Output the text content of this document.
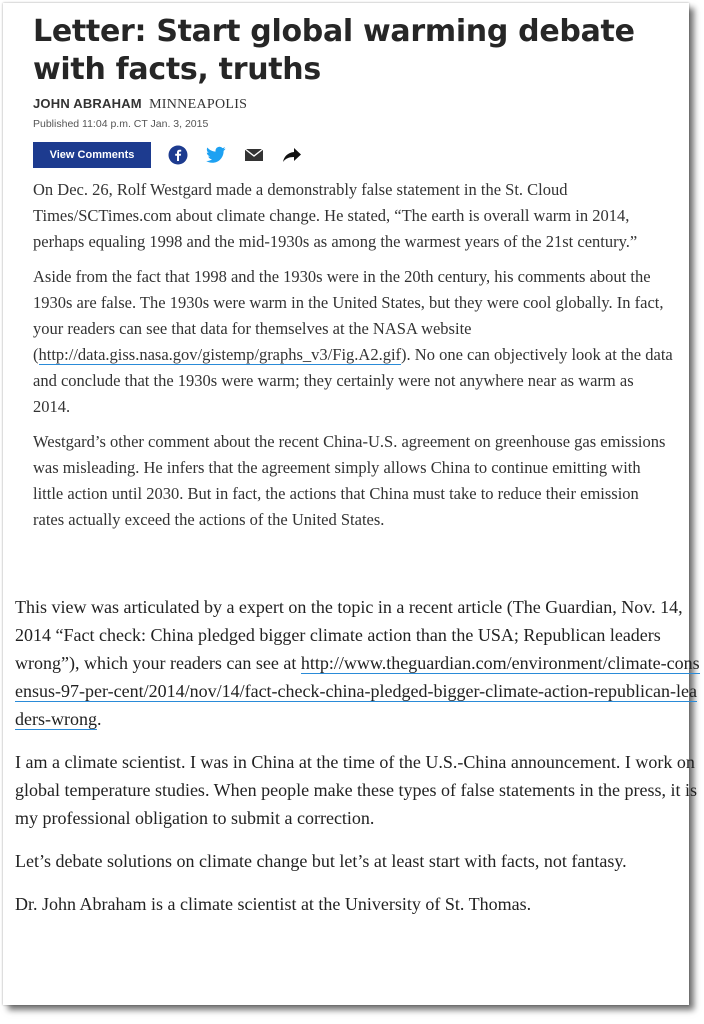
Letter: Start global warming debate with facts, truths
JOHN ABRAHAM MINNEAPOLIS
Published 11:04 p.m. CT Jan. 3, 2015
View Comments

On Dec. 26, Rolf Westgard made a demonstrably false statement in the St. Cloud Times/SCTimes.com about climate change. He stated, “The earth is overall warm in 2014, perhaps equaling 1998 and the mid-1930s as among the warmest years of the 21st century.”

Aside from the fact that 1998 and the 1930s were in the 20th century, his comments about the 1930s are false. The 1930s were warm in the United States, but they were cool globally. In fact, your readers can see that data for themselves at the NASA website (http://data.giss.nasa.gov/gistemp/graphs_v3/Fig.A2.gif). No one can objectively look at the data and conclude that the 1930s were warm; they certainly were not anywhere near as warm as 2014.

Westgard’s other comment about the recent China-U.S. agreement on greenhouse gas emissions was misleading. He infers that the agreement simply allows China to continue emitting with little action until 2030. But in fact, the actions that China must take to reduce their emission rates actually exceed the actions of the United States.

This view was articulated by a expert on the topic in a recent article (The Guardian, Nov. 14, 2014 “Fact check: China pledged bigger climate action than the USA; Republican leaders wrong”), which your readers can see at http://www.theguardian.com/environment/climate-consensus-97-per-cent/2014/nov/14/fact-check-china-pledged-bigger-climate-action-republican-leaders-wrong.

I am a climate scientist. I was in China at the time of the U.S.-China announcement. I work on global temperature studies. When people make these types of false statements in the press, it is my professional obligation to submit a correction.

Let’s debate solutions on climate change but let’s at least start with facts, not fantasy.

Dr. John Abraham is a climate scientist at the University of St. Thomas.
